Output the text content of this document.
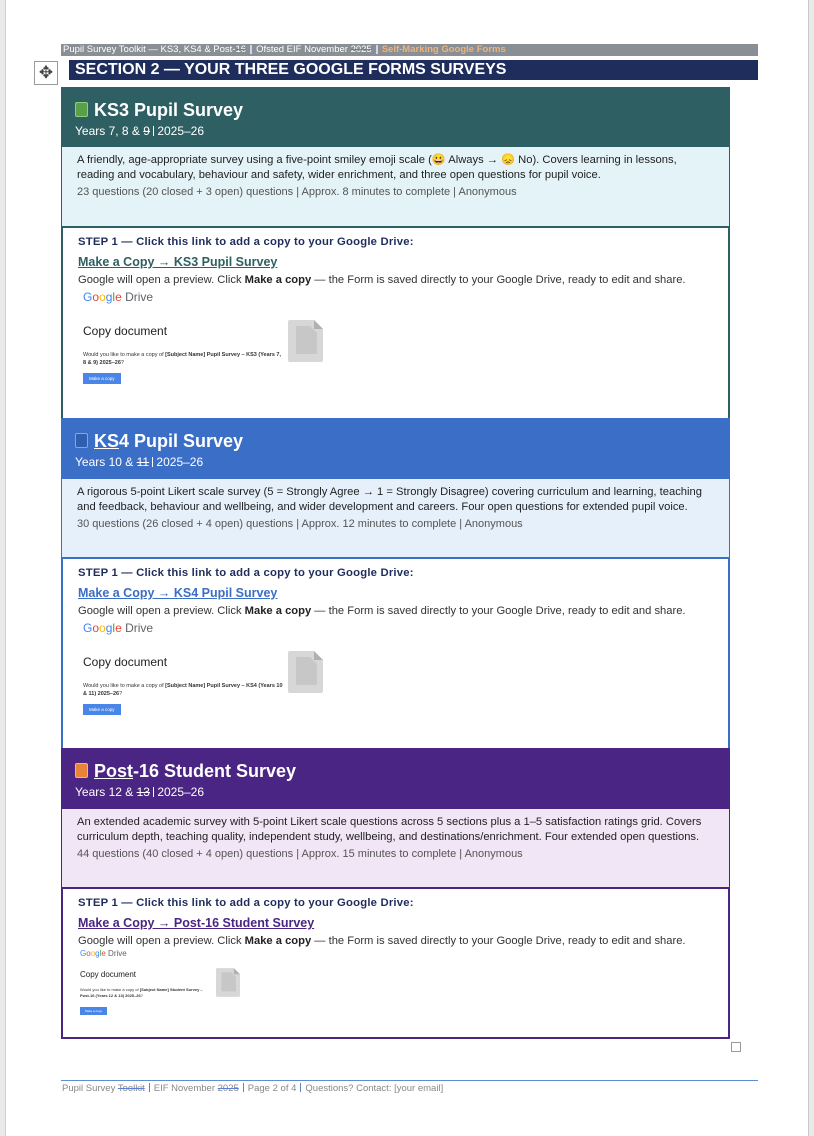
Pupil Survey Toolkit — KS3, KS4 & Post-16 Ofsted EIF November 2025 Self-Marking Google Forms
✥	SECTION 2 — YOUR THREE GOOGLE FORMS SURVEYS
KS3 Pupil Survey
Years 7, 8 & 9 2025–26
A friendly, age-appropriate survey using a five-point smiley emoji scale (😀 Always → 😞 No). Covers learning in lessons, reading and vocabulary, behaviour and safety, wider enrichment, and three open questions for pupil voice.
23 questions (20 closed + 3 open) questions | Approx. 8 minutes to complete | Anonymous
STEP 1 — Click this link to add a copy to your Google Drive:
Make a Copy → KS3 Pupil Survey
Google will open a preview. Click Make a copy — the Form is saved directly to your Google Drive, ready to edit and share.
Google Drive
Copy document
Would you like to make a copy of [Subject Name] Pupil Survey – KS3 (Years 7, 8 & 9) 2025–26?
Make a copy
KS4 Pupil Survey
Years 10 & 11 2025–26
A rigorous 5-point Likert scale survey (5 = Strongly Agree → 1 = Strongly Disagree) covering curriculum and learning, teaching and feedback, behaviour and wellbeing, and wider development and careers. Four open questions for extended pupil voice.
30 questions (26 closed + 4 open) questions | Approx. 12 minutes to complete | Anonymous
STEP 1 — Click this link to add a copy to your Google Drive:
Make a Copy → KS4 Pupil Survey
Google will open a preview. Click Make a copy — the Form is saved directly to your Google Drive, ready to edit and share.
Google Drive
Copy document
Would you like to make a copy of [Subject Name] Pupil Survey – KS4 (Years 10 & 11) 2025–26?
Make a copy
Post-16 Student Survey
Years 12 & 13 2025–26
An extended academic survey with 5-point Likert scale questions across 5 sections plus a 1–5 satisfaction ratings grid. Covers curriculum depth, teaching quality, independent study, wellbeing, and destinations/enrichment. Four extended open questions.
44 questions (40 closed + 4 open) questions | Approx. 15 minutes to complete | Anonymous
STEP 1 — Click this link to add a copy to your Google Drive:
Make a Copy → Post-16 Student Survey
Google will open a preview. Click Make a copy — the Form is saved directly to your Google Drive, ready to edit and share.
Google Drive
Copy document
Would you like to make a copy of [Subject Name] Student Survey – Post-16 (Years 12 & 13) 2025–26?
Make a copy
Pupil Survey Toolkit EIF November 2025 Page 2 of 4 Questions? Contact: [your email]
